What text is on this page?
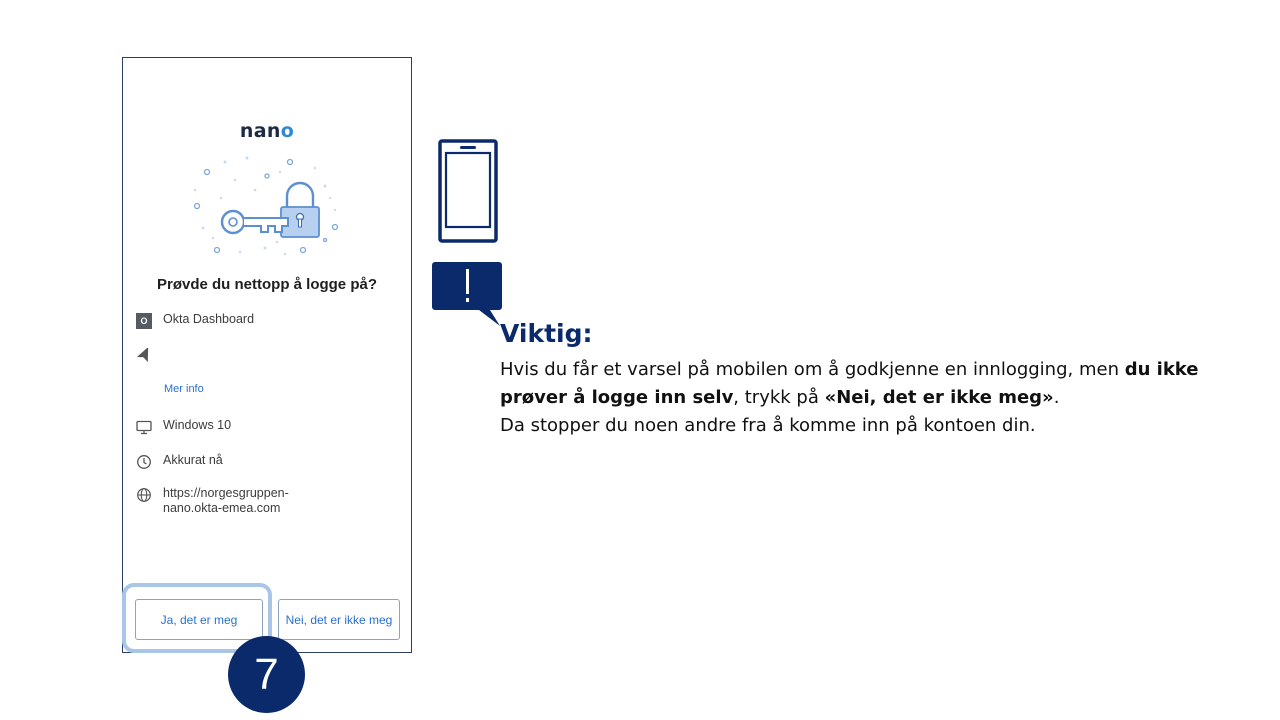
nano
Prøvde du nettopp å logge på?
O	Okta Dashboard
Mer info
Windows 10
Akkurat nå
https://norgesgruppen-nano.okta-emea.com
Ja, det er meg	Nei, det er ikke meg
7
Viktig:
Hvis du får et varsel på mobilen om å godkjenne en innlogging, men du ikke prøver å logge inn selv, trykk på «Nei, det er ikke meg».
Da stopper du noen andre fra å komme inn på kontoen din.
